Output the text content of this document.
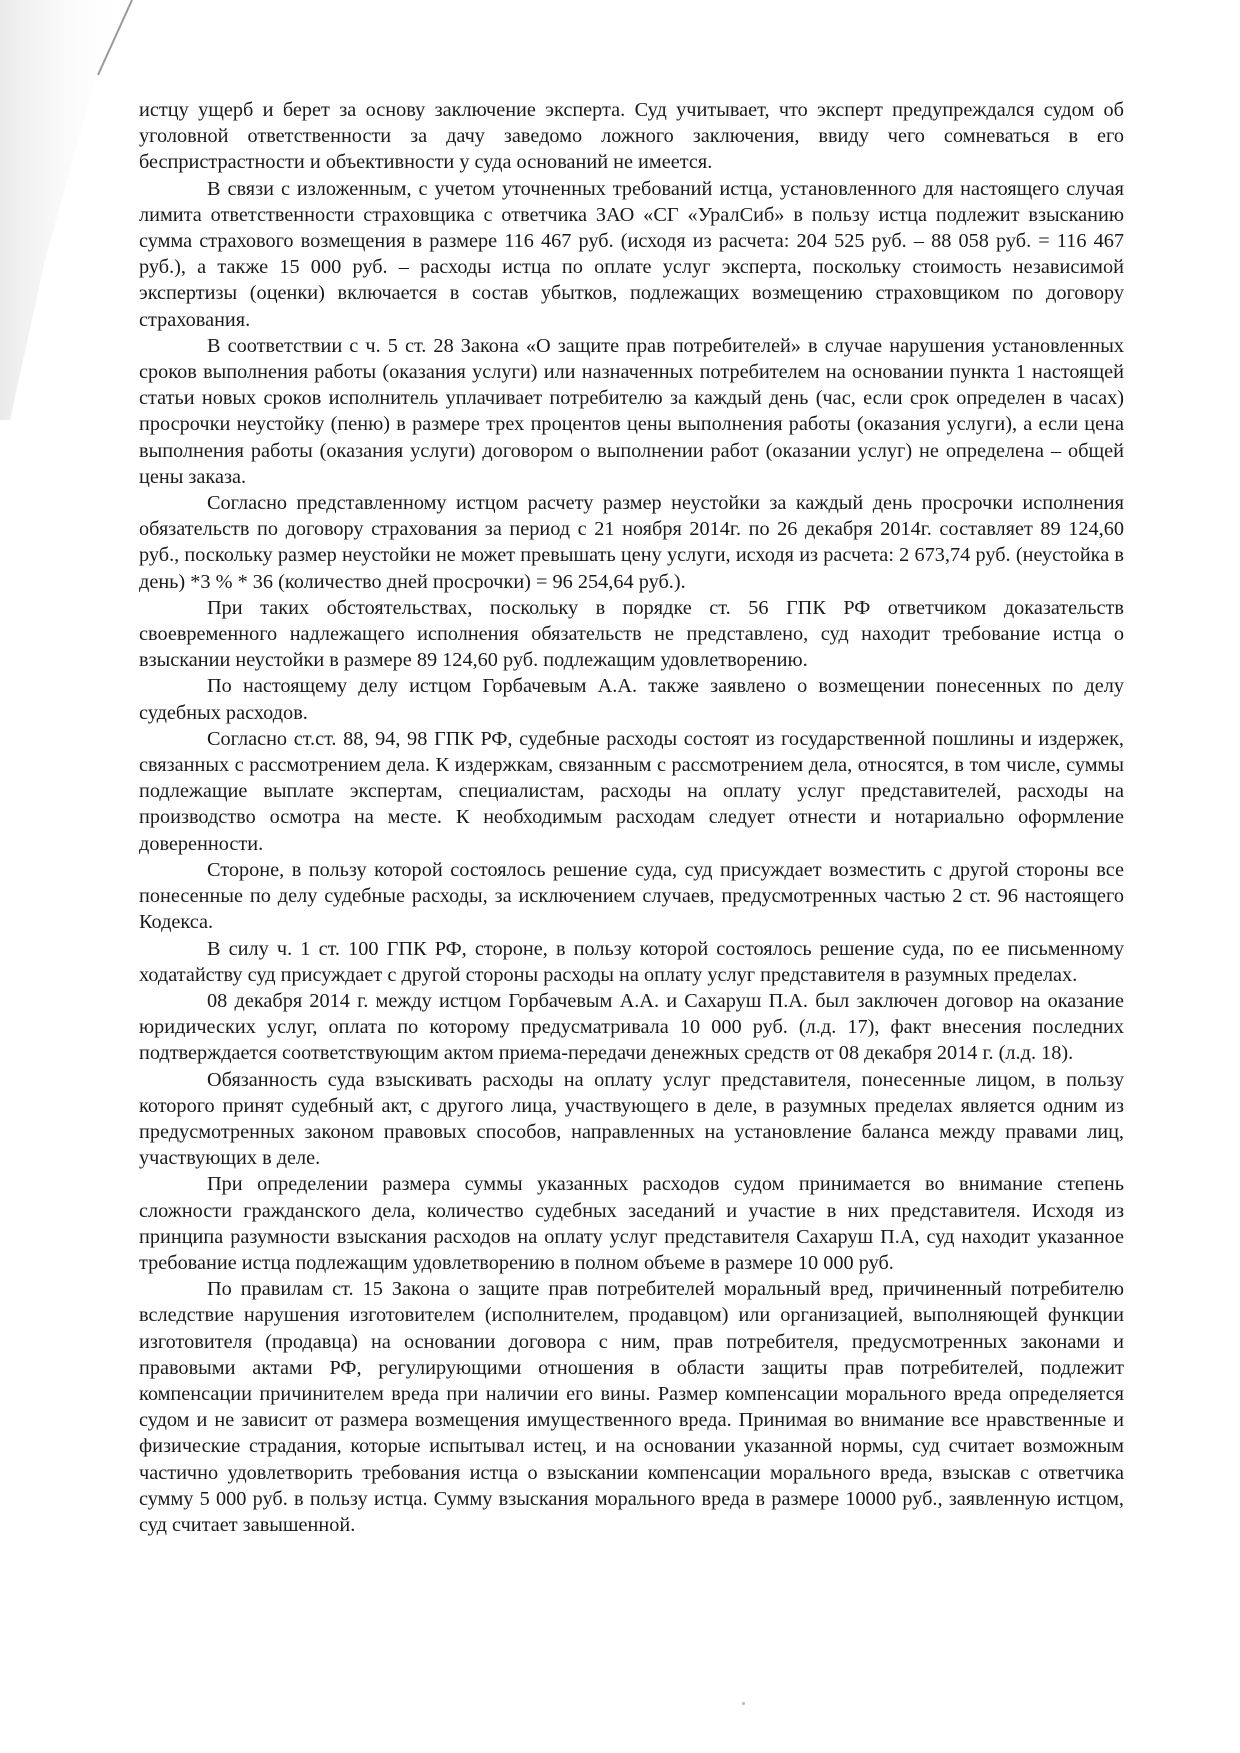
истцу ущерб и берет за основу заключение эксперта. Суд учитывает, что эксперт предупреждался судом об уголовной ответственности за дачу заведомо ложного заключения, ввиду чего сомневаться в его беспристрастности и объективности у суда оснований не имеется.

В связи с изложенным, с учетом уточненных требований истца, установленного для настоящего случая лимита ответственности страховщика с ответчика ЗАО «СГ «УралСиб» в пользу истца подлежит взысканию сумма страхового возмещения в размере 116 467 руб. (исходя из расчета: 204 525 руб. – 88 058 руб. = 116 467 руб.), а также 15 000 руб. – расходы истца по оплате услуг эксперта, поскольку стоимость независимой экспертизы (оценки) включается в состав убытков, подлежащих возмещению страховщиком по договору страхования.

В соответствии с ч. 5 ст. 28 Закона «О защите прав потребителей» в случае нарушения установленных сроков выполнения работы (оказания услуги) или назначенных потребителем на основании пункта 1 настоящей статьи новых сроков исполнитель уплачивает потребителю за каждый день (час, если срок определен в часах) просрочки неустойку (пеню) в размере трех процентов цены выполнения работы (оказания услуги), а если цена выполнения работы (оказания услуги) договором о выполнении работ (оказании услуг) не определена – общей цены заказа.

Согласно представленному истцом расчету размер неустойки за каждый день просрочки исполнения обязательств по договору страхования за период с 21 ноября 2014г. по 26 декабря 2014г. составляет 89 124,60 руб., поскольку размер неустойки не может превышать цену услуги, исходя из расчета: 2 673,74 руб. (неустойка в день) *3 % * 36 (количество дней просрочки) = 96 254,64 руб.).

При таких обстоятельствах, поскольку в порядке ст. 56 ГПК РФ ответчиком доказательств своевременного надлежащего исполнения обязательств не представлено, суд находит требование истца о взыскании неустойки в размере 89 124,60 руб. подлежащим удовлетворению.

По настоящему делу истцом Горбачевым А.А. также заявлено о возмещении понесенных по делу судебных расходов.

Согласно ст.ст. 88, 94, 98 ГПК РФ, судебные расходы состоят из государственной пошлины и издержек, связанных с рассмотрением дела. К издержкам, связанным с рассмотрением дела, относятся, в том числе, суммы подлежащие выплате экспертам, специалистам, расходы на оплату услуг представителей, расходы на производство осмотра на месте. К необходимым расходам следует отнести и нотариально оформление доверенности.

Стороне, в пользу которой состоялось решение суда, суд присуждает возместить с другой стороны все понесенные по делу судебные расходы, за исключением случаев, предусмотренных частью 2 ст. 96 настоящего Кодекса.

В силу ч. 1 ст. 100 ГПК РФ, стороне, в пользу которой состоялось решение суда, по ее письменному ходатайству суд присуждает с другой стороны расходы на оплату услуг представителя в разумных пределах.

08 декабря 2014 г. между истцом Горбачевым А.А. и Сахаруш П.А. был заключен договор на оказание юридических услуг, оплата по которому предусматривала 10 000 руб. (л.д. 17), факт внесения последних подтверждается соответствующим актом приема-передачи денежных средств от 08 декабря 2014 г. (л.д. 18).

Обязанность суда взыскивать расходы на оплату услуг представителя, понесенные лицом, в пользу которого принят судебный акт, с другого лица, участвующего в деле, в разумных пределах является одним из предусмотренных законом правовых способов, направленных на установление баланса между правами лиц, участвующих в деле.

При определении размера суммы указанных расходов судом принимается во внимание степень сложности гражданского дела, количество судебных заседаний и участие в них представителя. Исходя из принципа разумности взыскания расходов на оплату услуг представителя Сахаруш П.А, суд находит указанное требование истца подлежащим удовлетворению в полном объеме в размере 10 000 руб.

По правилам ст. 15 Закона о защите прав потребителей моральный вред, причиненный потребителю вследствие нарушения изготовителем (исполнителем, продавцом) или организацией, выполняющей функции изготовителя (продавца) на основании договора с ним, прав потребителя, предусмотренных законами и правовыми актами РФ, регулирующими отношения в области защиты прав потребителей, подлежит компенсации причинителем вреда при наличии его вины. Размер компенсации морального вреда определяется судом и не зависит от размера возмещения имущественного вреда. Принимая во внимание все нравственные и физические страдания, которые испытывал истец, и на основании указанной нормы, суд считает возможным частично удовлетворить требования истца о взыскании компенсации морального вреда, взыскав с ответчика сумму 5 000 руб. в пользу истца. Сумму взыскания морального вреда в размере 10000 руб., заявленную истцом, суд считает завышенной.
